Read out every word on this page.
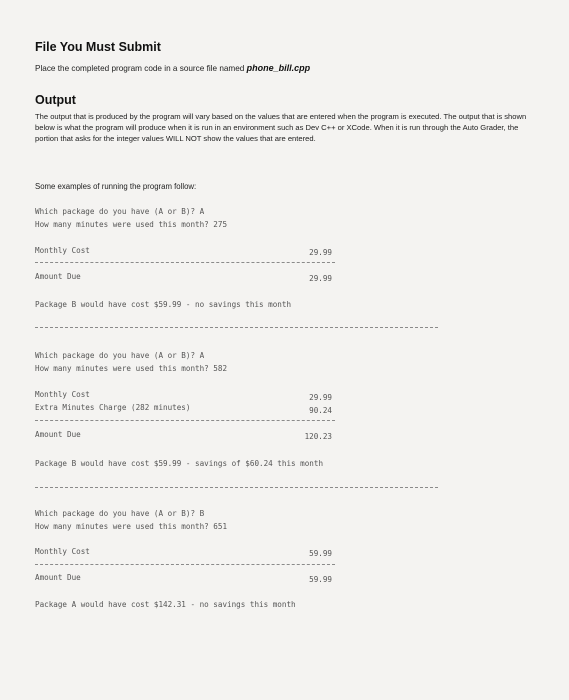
File You Must Submit
Place the completed program code in a source file named phone_bill.cpp
Output
The output that is produced by the program will vary based on the values that are entered when the program is executed. The output that is shown below is what the program will produce when it is run in an environment such as Dev C++ or XCode. When it is run through the Auto Grader, the portion that asks for the integer values WILL NOT show the values that are entered.
Some examples of running the program follow:
Which package do you have (A or B)? A
How many minutes were used this month? 275
Monthly Cost	29.99
Amount Due	29.99
Package B would have cost $59.99 - no savings this month
Which package do you have (A or B)? A
How many minutes were used this month? 582
Monthly Cost	29.99
Extra Minutes Charge (282 minutes)	90.24
Amount Due	120.23
Package B would have cost $59.99 - savings of $60.24 this month
Which package do you have (A or B)? B
How many minutes were used this month? 651
Monthly Cost	59.99
Amount Due	59.99
Package A would have cost $142.31 - no savings this month
